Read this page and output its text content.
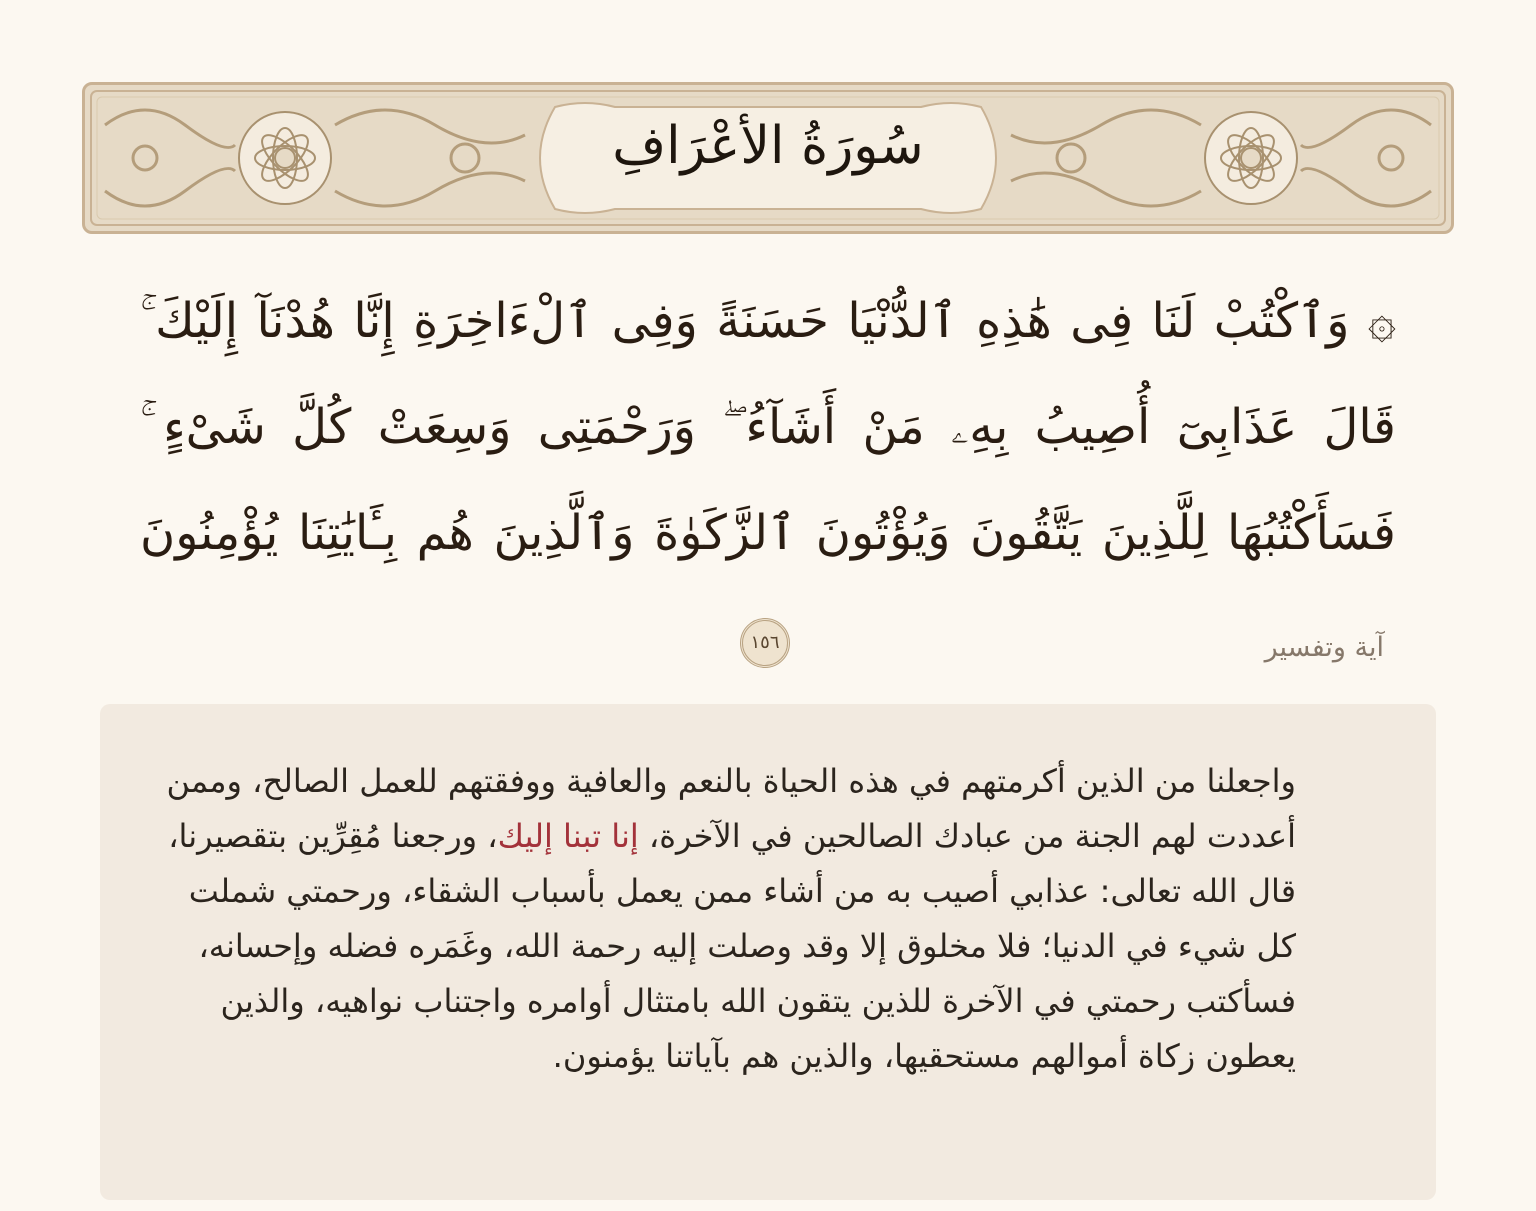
سُورَةُ الأعْرَافِ
۞ وَٱكْتُبْ لَنَا فِى هَٰذِهِ ٱلدُّنْيَا حَسَنَةً وَفِى ٱلْءَاخِرَةِ إِنَّا هُدْنَآ إِلَيْكَ ۚ قَالَ عَذَابِىٓ أُصِيبُ بِهِۦ مَنْ أَشَآءُ ۖ وَرَحْمَتِى وَسِعَتْ كُلَّ شَىْءٍ ۚ فَسَأَكْتُبُهَا لِلَّذِينَ يَتَّقُونَ وَيُؤْتُونَ ٱلزَّكَوٰةَ وَٱلَّذِينَ هُم بِـَٔايَٰتِنَا يُؤْمِنُونَ ١٥٦	آية وتفسير

واجعلنا من الذين أكرمتهم في هذه الحياة بالنعم والعافية ووفقتهم للعمل الصالح، وممن أعددت لهم الجنة من عبادك الصالحين في الآخرة، إنا تبنا إليك، ورجعنا مُقِرِّين بتقصيرنا، قال الله تعالى: عذابي أصيب به من أشاء ممن يعمل بأسباب الشقاء، ورحمتي شملت كل شيء في الدنيا؛ فلا مخلوق إلا وقد وصلت إليه رحمة الله، وغَمَره فضله وإحسانه، فسأكتب رحمتي في الآخرة للذين يتقون الله بامتثال أوامره واجتناب نواهيه، والذين يعطون زكاة أموالهم مستحقيها، والذين هم بآياتنا يؤمنون.
